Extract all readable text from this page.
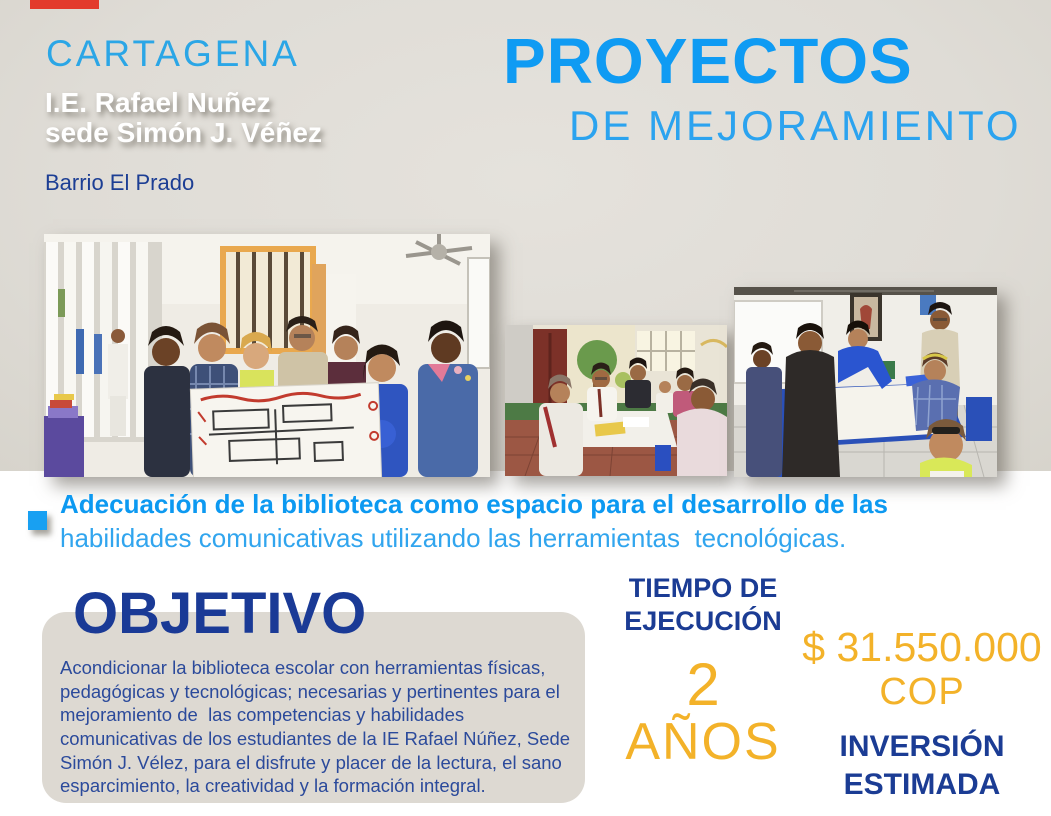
CARTAGENA
I.E. Rafael Nuñez
sede Simón J. Véñez
Barrio El Prado
PROYECTOS
DE MEJORAMIENTO
Adecuación de la biblioteca como espacio para el desarrollo de las
habilidades comunicativas utilizando las herramientas  tecnológicas.
OBJETIVO
Acondicionar la biblioteca escolar con herramientas físicas, pedagógicas y tecnológicas; necesarias y pertinentes para el mejoramiento de  las competencias y habilidades comunicativas de los estudiantes de la IE Rafael Núñez, Sede Simón J. Vélez, para el disfrute y placer de la lectura, el sano esparcimiento, la creatividad y la formación integral.
TIEMPO DE
EJECUCIÓN
2
AÑOS
$ 31.550.000
COP
INVERSIÓN
ESTIMADA
